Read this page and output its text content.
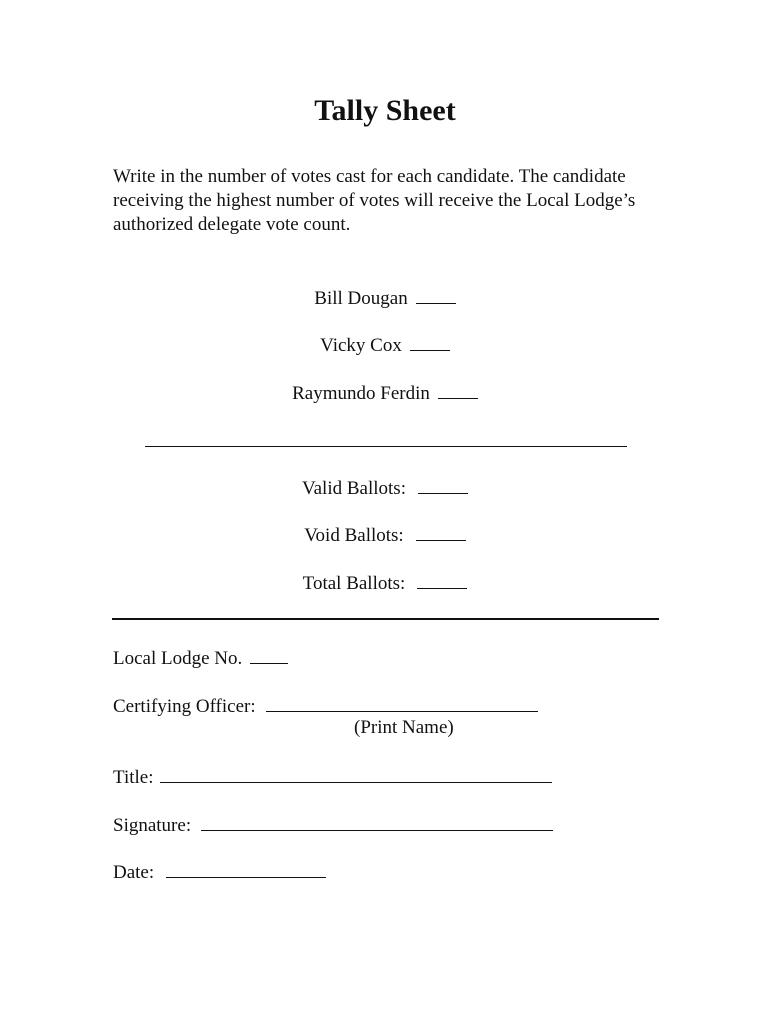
Tally Sheet
Write in the number of votes cast for each candidate. The candidate receiving the highest number of votes will receive the Local Lodge’s authorized delegate vote count.
Bill Dougan
Vicky Cox
Raymundo Ferdin
Valid Ballots:
Void Ballots:
Total Ballots:
Local Lodge No.
Certifying Officer:
(Print Name)
Title:
Signature:
Date:
